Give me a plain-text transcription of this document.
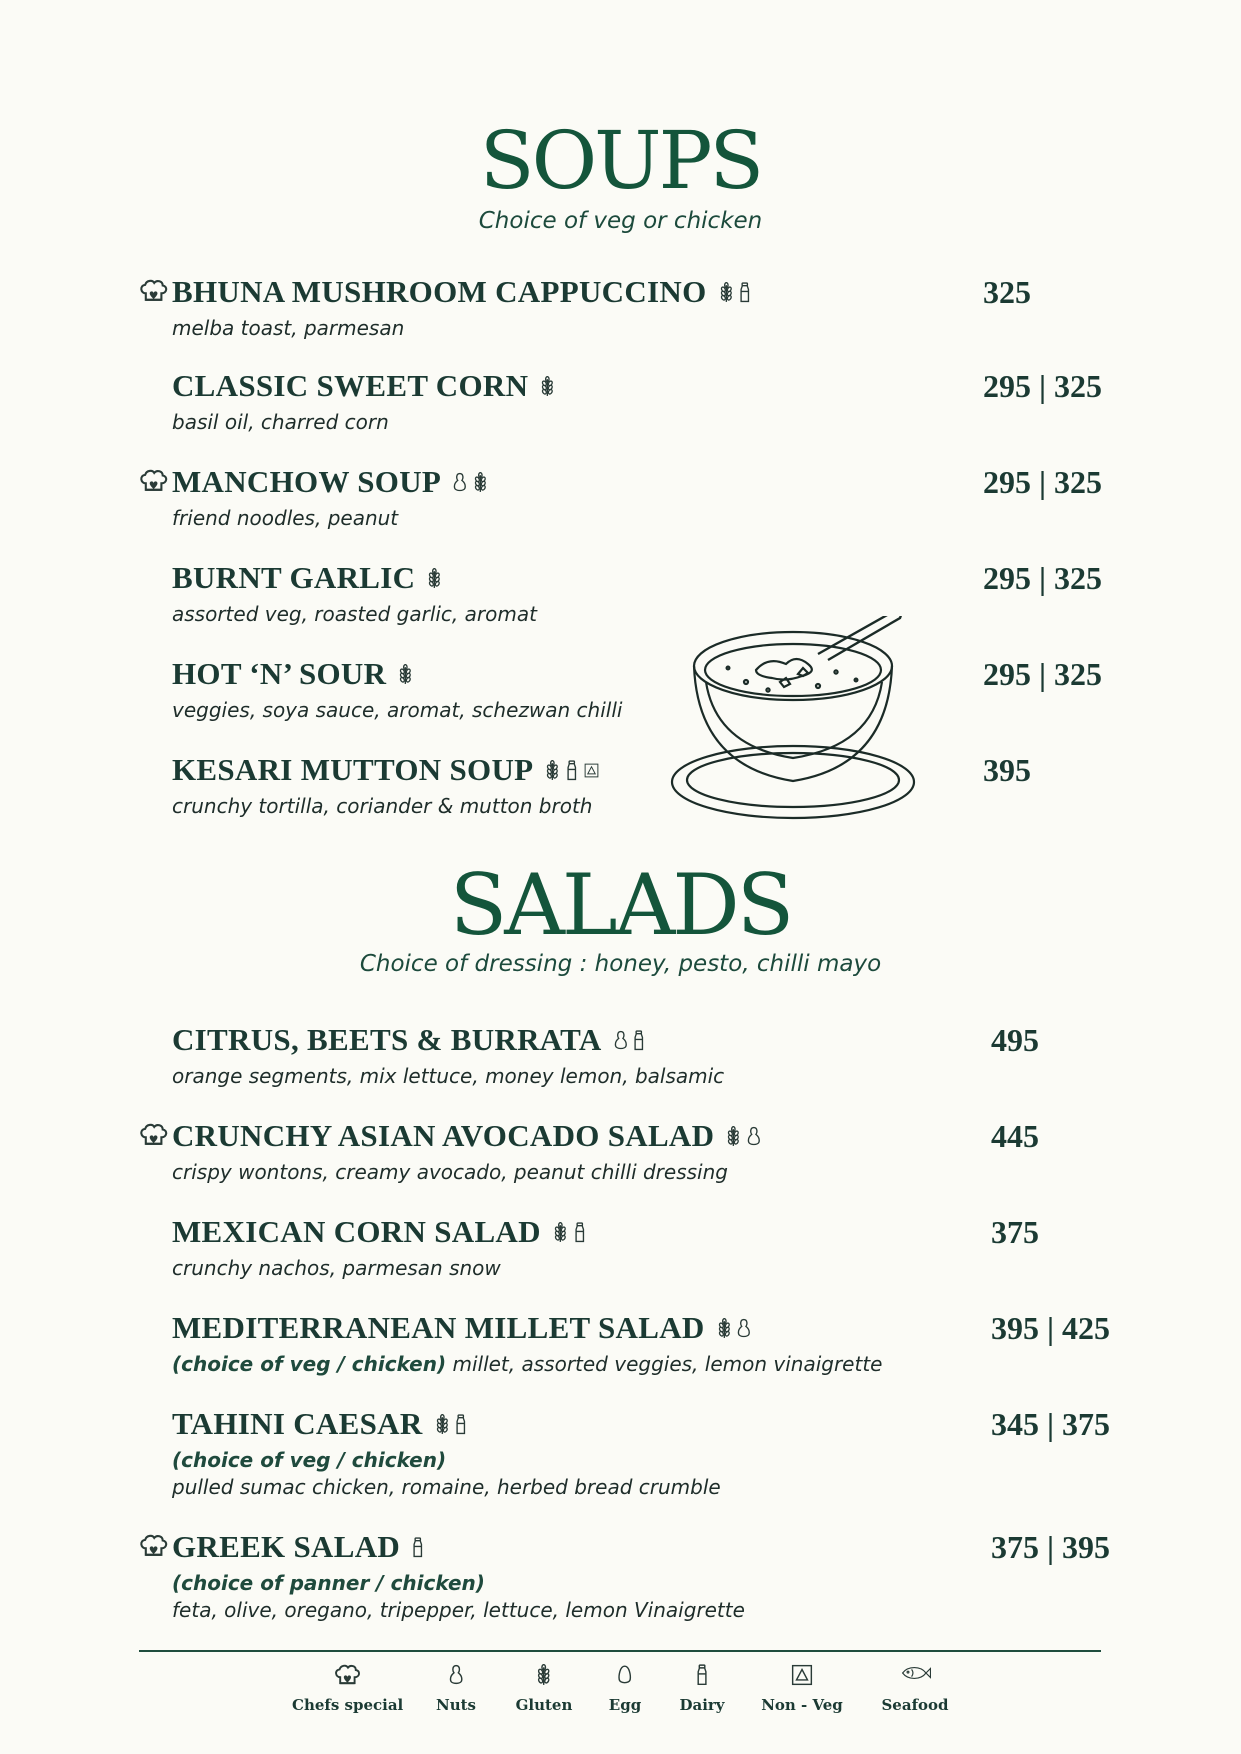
SOUPS
Choice of veg or chicken
BHUNA MUSHROOM CAPPUCCINO
melba toast, parmesan
325
CLASSIC SWEET CORN
basil oil, charred corn
295 | 325
MANCHOW SOUP
friend noodles, peanut
295 | 325
BURNT GARLIC
assorted veg, roasted garlic, aromat
295 | 325
HOT ‘N’ SOUR
veggies, soya sauce, aromat, schezwan chilli
295 | 325
KESARI MUTTON SOUP
crunchy tortilla, coriander & mutton broth
395
SALADS
Choice of dressing : honey, pesto, chilli mayo
CITRUS, BEETS & BURRATA
orange segments, mix lettuce, money lemon, balsamic
495
CRUNCHY ASIAN AVOCADO SALAD
crispy wontons, creamy avocado, peanut chilli dressing
445
MEXICAN CORN SALAD
crunchy nachos, parmesan snow
375
MEDITERRANEAN MILLET SALAD
(choice of veg / chicken) millet, assorted veggies, lemon vinaigrette
395 | 425
TAHINI CAESAR
(choice of veg / chicken)
pulled sumac chicken, romaine, herbed bread crumble
345 | 375
GREEK SALAD
(choice of panner / chicken)
feta, olive, oregano, tripepper, lettuce, lemon Vinaigrette
375 | 395
Chefs special	Nuts	Gluten	Egg	Dairy	Non - Veg	Seafood
